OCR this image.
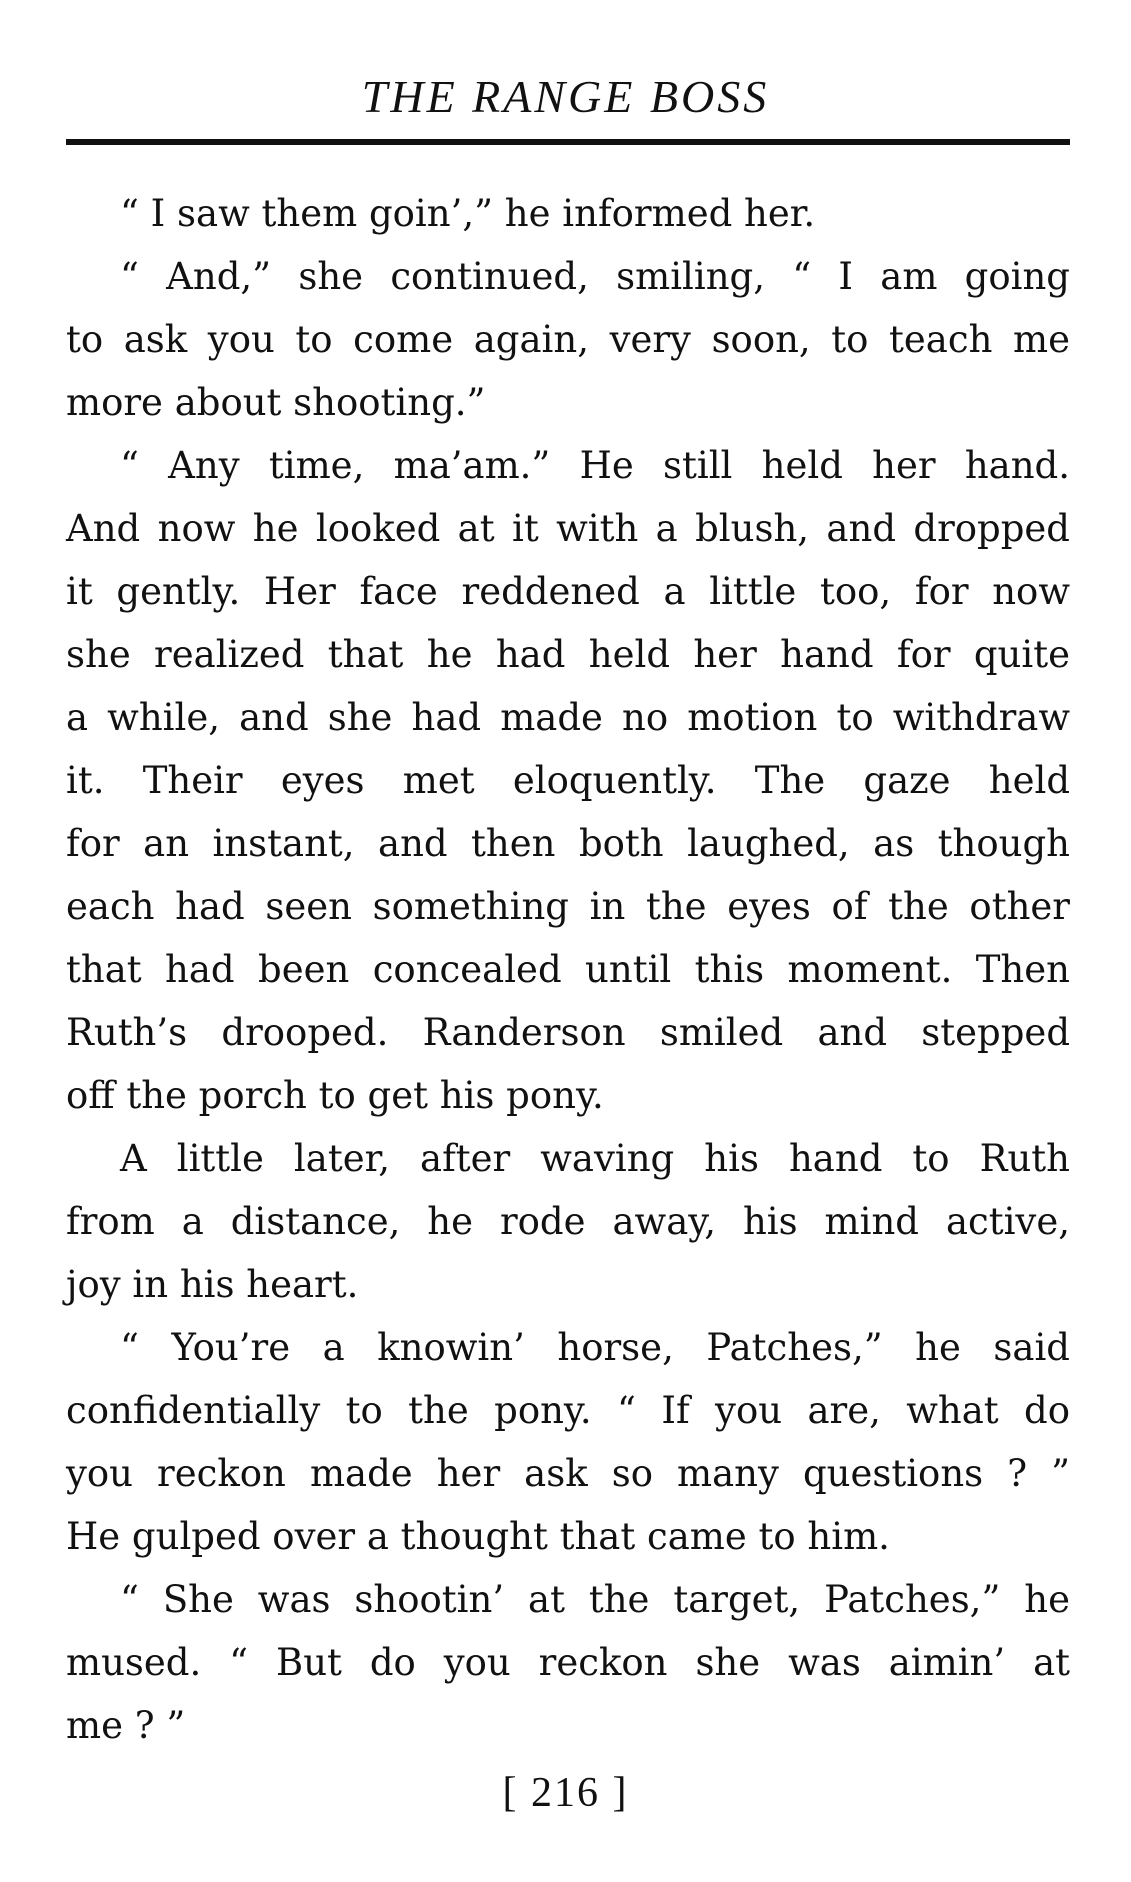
THE RANGE BOSS

“ I saw them goin’,” he informed her.

“ And,” she continued, smiling, “ I am going
to ask you to come again, very soon, to teach me
more about shooting.”

“ Any time, ma’am.” He still held her hand.
And now he looked at it with a blush, and dropped
it gently. Her face reddened a little too, for now
she realized that he had held her hand for quite
a while, and she had made no motion to withdraw
it. Their eyes met eloquently. The gaze held
for an instant, and then both laughed, as though
each had seen something in the eyes of the other
that had been concealed until this moment. Then
Ruth’s drooped. Randerson smiled and stepped
off the porch to get his pony.

A little later, after waving his hand to Ruth
from a distance, he rode away, his mind active,
joy in his heart.

“ You’re a knowin’ horse, Patches,” he said
confidentially to the pony. “ If you are, what do
you reckon made her ask so many questions ? ”
He gulped over a thought that came to him.

“ She was shootin’ at the target, Patches,” he
mused. “ But do you reckon she was aimin’ at
me ? ”

[ 216 ]
